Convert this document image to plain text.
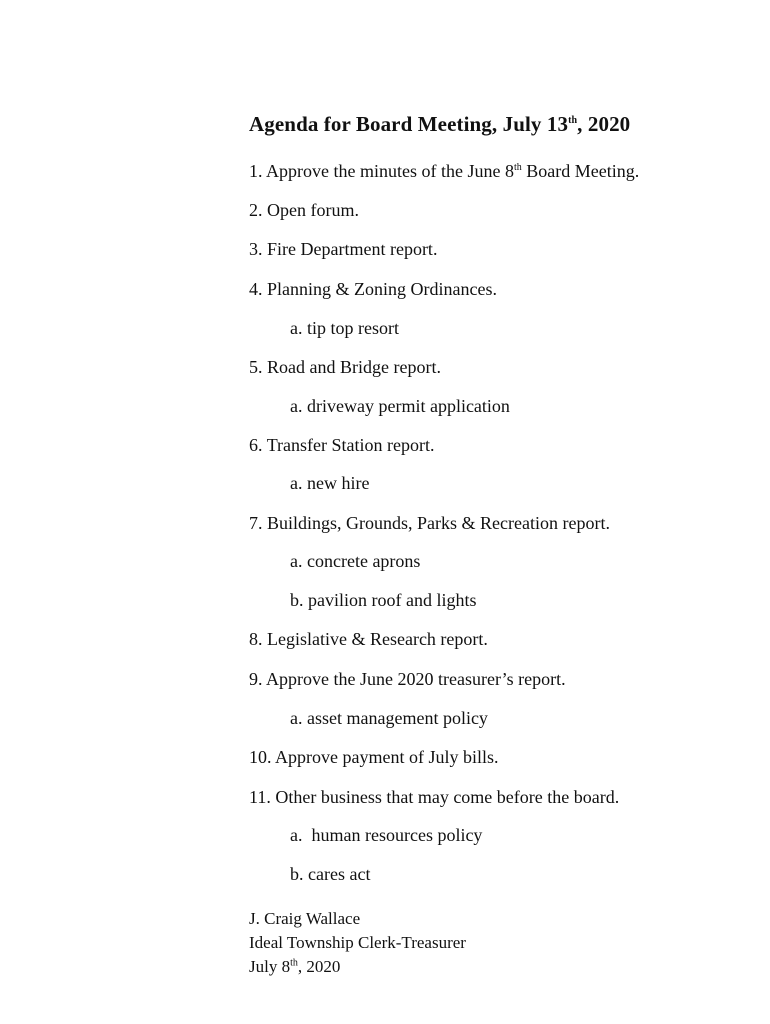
Agenda for Board Meeting, July 13th, 2020
1. Approve the minutes of the June 8th Board Meeting.
2. Open forum.
3. Fire Department report.
4. Planning & Zoning Ordinances.
a. tip top resort
5. Road and Bridge report.
a. driveway permit application
6. Transfer Station report.
a. new hire
7. Buildings, Grounds, Parks & Recreation report.
a. concrete aprons
b. pavilion roof and lights
8. Legislative & Research report.
9. Approve the June 2020 treasurer’s report.
a. asset management policy
10. Approve payment of July bills.
11. Other business that may come before the board.
a.  human resources policy
b. cares act
J. Craig Wallace
Ideal Township Clerk-Treasurer
July 8th, 2020
